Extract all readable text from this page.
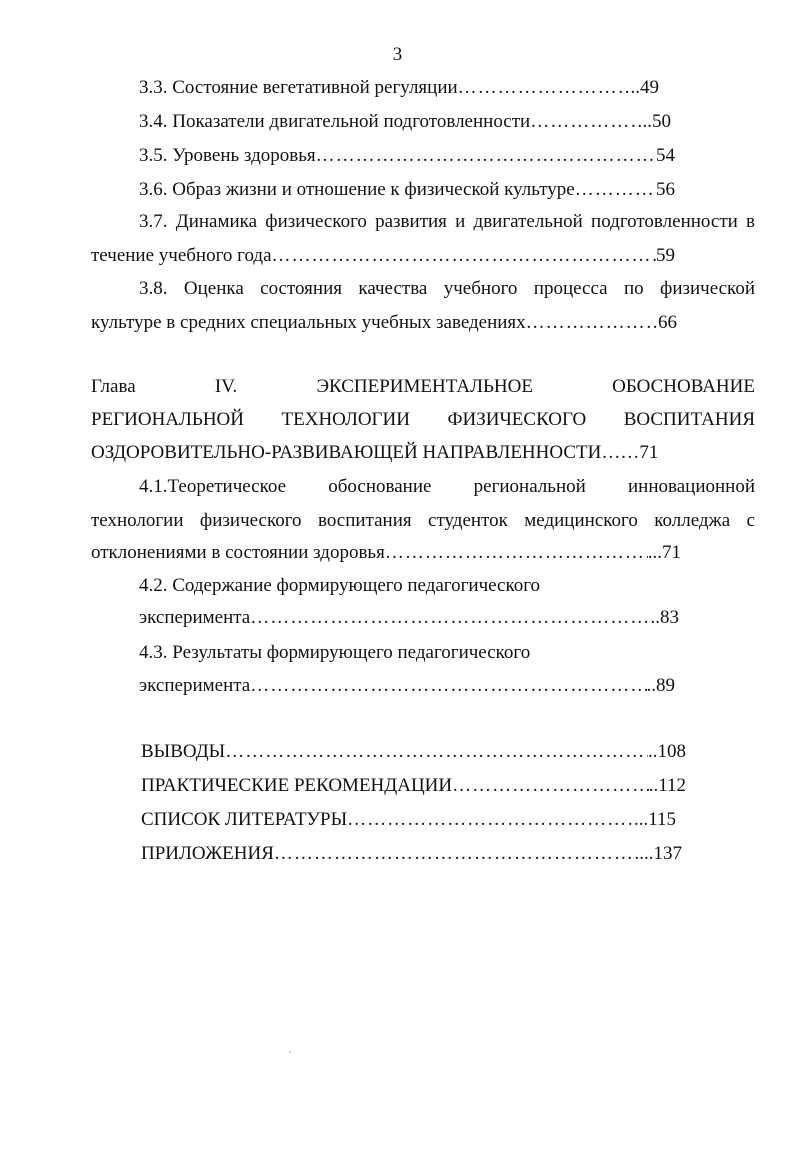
3
3.3. Состояние вегетативной регуляции ………………………………………………………………………………………………………………………………	..49
3.4. Показатели двигательной подготовленности ………………………………………………………………………………………………………………………………	..50
3.5. Уровень здоровья ………………………………………………………………………………………………………………………………	54
3.6. Образ жизни и отношение к физической культуре ………………………………………………………………………………………………………………………………	56
3.7. Динамика физического развития и двигательной подготовленности в
течение учебного года ………………………………………………………………………………………………………………………………	59
3.8. Оценка состояния качества учебного процесса по физической
культуре в средних специальных учебных заведениях ………………………………………………………………………………………………………………………………	66
Глава IV. ЭКСПЕРИМЕНТАЛЬНОЕ ОБОСНОВАНИЕ
РЕГИОНАЛЬНОЙ ТЕХНОЛОГИИ ФИЗИЧЕСКОГО ВОСПИТАНИЯ
ОЗДОРОВИТЕЛЬНО-РАЗВИВАЮЩЕЙ НАПРАВЛЕННОСТИ……71
4.1.Теоретическое обоснование региональной инновационной
технологии физического воспитания студенток медицинского колледжа с
отклонениями в состоянии здоровья ………………………………………………………………………………………………………………………………	...71
4.2. Содержание формирующего педагогического
эксперимента ………………………………………………………………………………………………………………………………	..83
4.3. Результаты формирующего педагогического
эксперимента ………………………………………………………………………………………………………………………………	..89
ВЫВОДЫ ………………………………………………………………………………………………………………………………	..108
ПРАКТИЧЕСКИЕ РЕКОМЕНДАЦИИ ………………………………………………………………………………………………………………………………	..112
СПИСОК ЛИТЕРАТУРЫ ………………………………………………………………………………………………………………………………	...115
ПРИЛОЖЕНИЯ ………………………………………………………………………………………………………………………………	....137
